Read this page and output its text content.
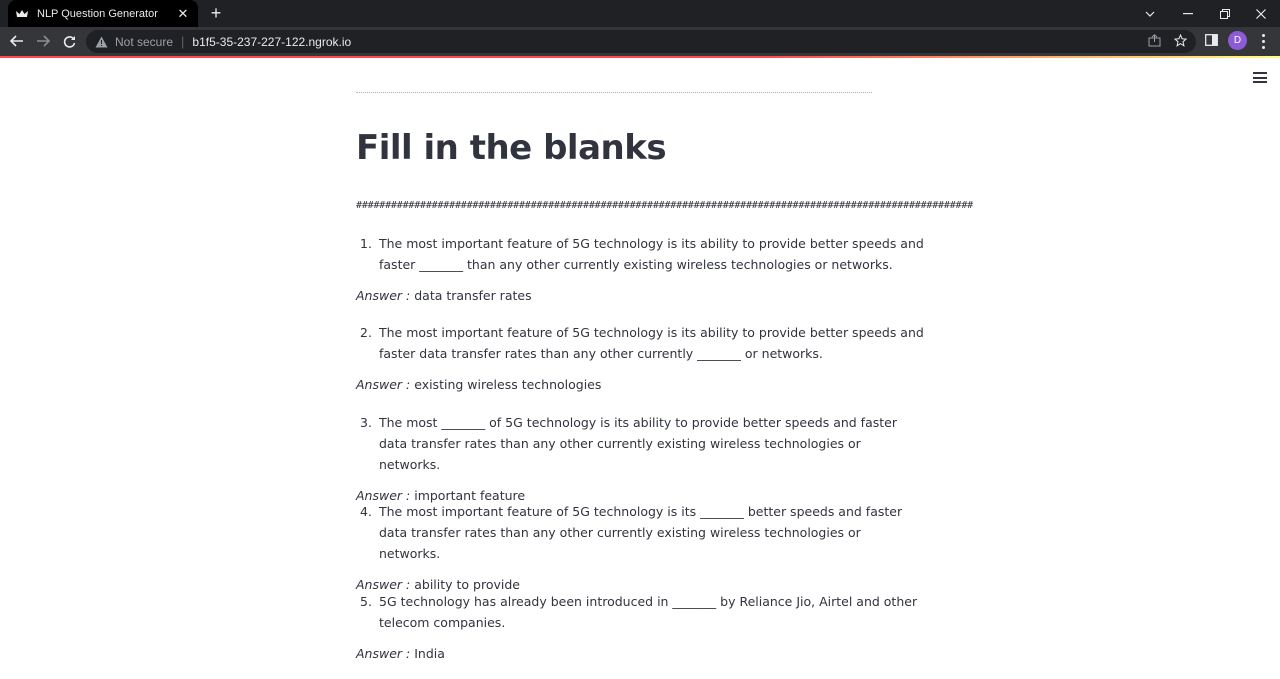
NLP Question Generator	✕ +
Not secure | b1f5-35-237-227-122.ngrok.io	D
Fill in the blanks
##########################################################################################################
1. The most important feature of 5G technology is its ability to provide better speeds and faster _______ than any other currently existing wireless technologies or networks.
Answer : data transfer rates
2. The most important feature of 5G technology is its ability to provide better speeds and faster data transfer rates than any other currently _______ or networks.
Answer : existing wireless technologies
3. The most _______ of 5G technology is its ability to provide better speeds and faster data transfer rates than any other currently existing wireless technologies or networks.
Answer : important feature
4. The most important feature of 5G technology is its _______ better speeds and faster data transfer rates than any other currently existing wireless technologies or networks.
Answer : ability to provide
5. 5G technology has already been introduced in _______ by Reliance Jio, Airtel and other telecom companies.
Answer : India
